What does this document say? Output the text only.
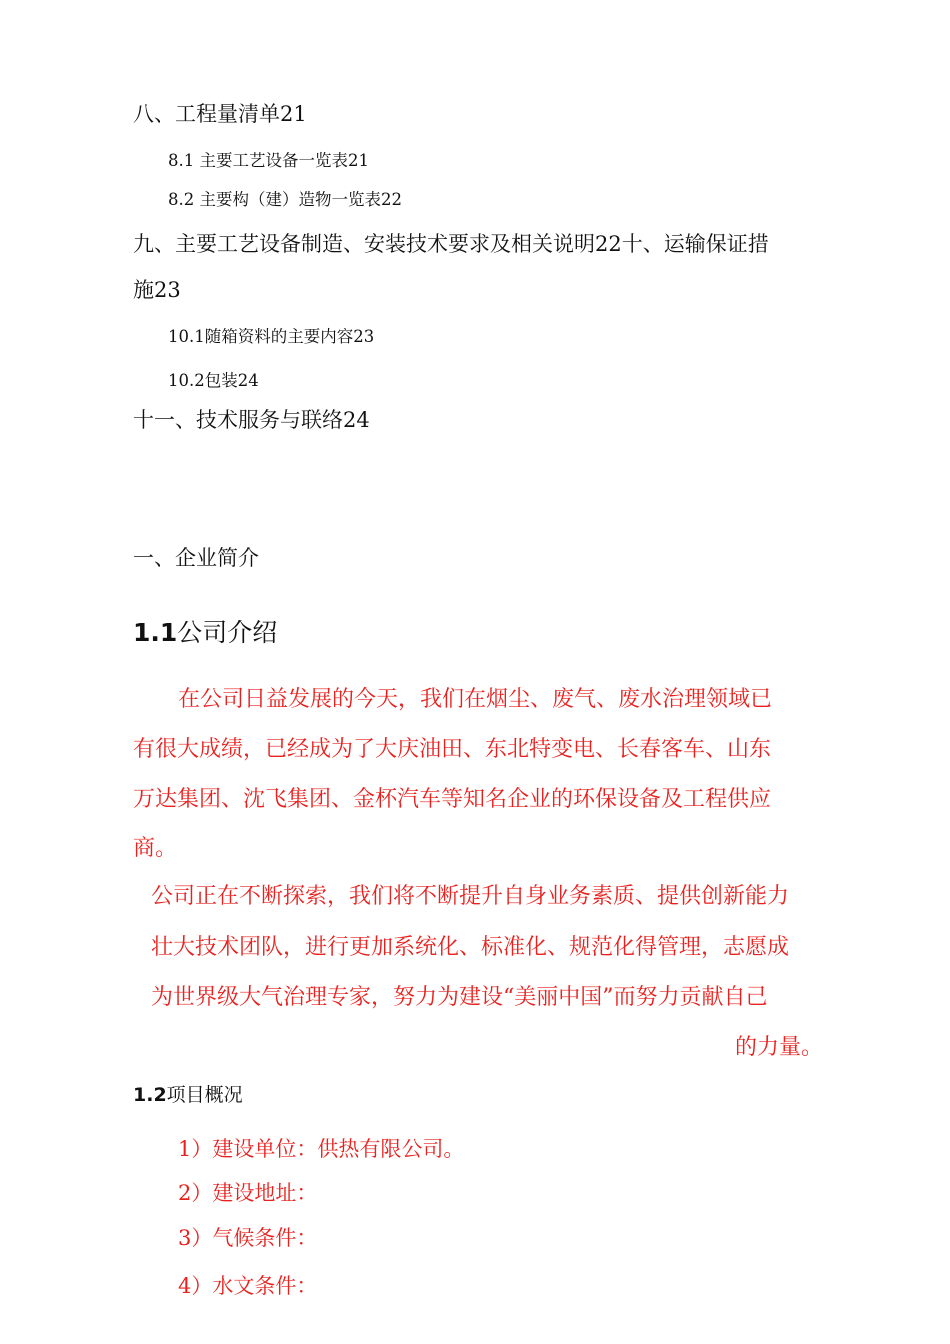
八、工程量清单21
8.1 主要工艺设备一览表21
8.2 主要构（建）造物一览表22
九、主要工艺设备制造、安装技术要求及相关说明22十、运输保证措
施23
10.1随箱资料的主要内容23
10.2包装24
十一、技术服务与联络24
一、企业简介
1.1公司介绍
在公司日益发展的今天，我们在烟尘、废气、废水治理领域已
有很大成绩，已经成为了大庆油田、东北特变电、长春客车、山东
万达集团、沈飞集团、金杯汽车等知名企业的环保设备及工程供应
商。
公司正在不断探索，我们将不断提升自身业务素质、提供创新能力
壮大技术团队，进行更加系统化、标准化、规范化得管理，志愿成
为世界级大气治理专家，努力为建设“美丽中国”而努力贡献自己
的力量。
1.2项目概况
1）建设单位：供热有限公司。
2）建设地址：
3）气候条件：
4）水文条件：
